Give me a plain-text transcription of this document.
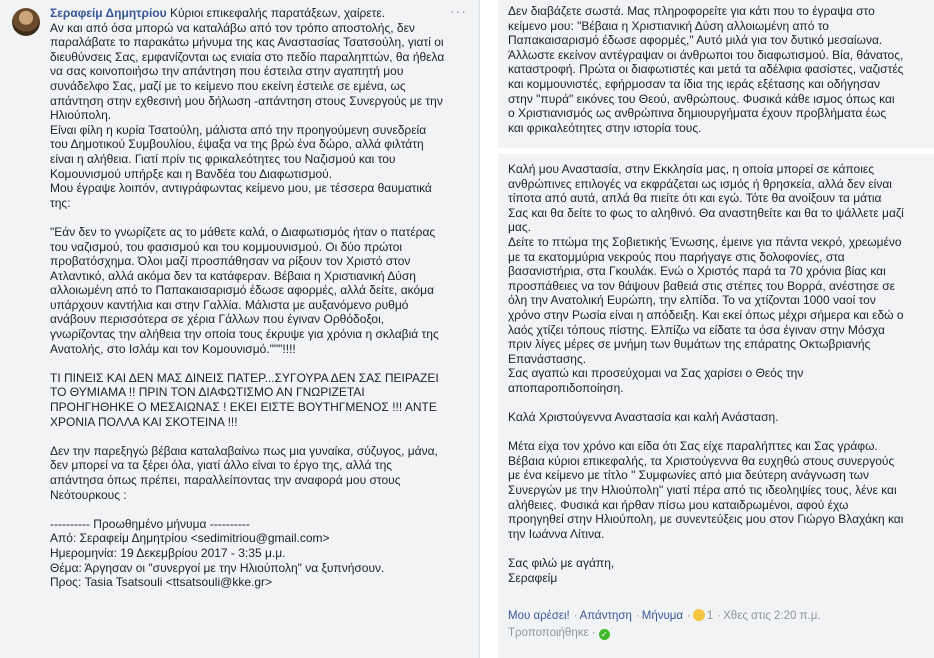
···
Σεραφείμ Δημητρίου Κύριοι επικεφαλής παρατάξεων, χαίρετε.
Αν και από όσα μπορώ να καταλάβω από τον τρόπο αποστολής, δεν
παραλάβατε το παρακάτω μήνυμα της κας Αναστασίας Τσατσούλη, γιατί οι
διευθύνσεις Σας, εμφανίζονται ως ενιαία στο πεδίο παραληπτών, θα ήθελα
να σας κοινοποιήσω την απάντηση που έστειλα στην αγαπητή μου
συνάδελφο Σας, μαζί με το κείμενο που εκείνη έστειλε σε εμένα, ως
απάντηση στην εχθεσινή μου δήλωση -απάντηση στους Συνεργούς με την
Ηλιούπολη.
Είναι φίλη η κυρία Τσατούλη, μάλιστα από την προηγούμενη συνεδρεία
του Δημοτικού Συμβουλίου, έψαξα να της βρώ ένα δώρο, αλλά φιλτάτη
είναι η αλήθεια. Γιατί πρίν τις φρικαλεότητες του Ναζισμού και του
Κομουνισμού υπήρξε και η Βανδέα του Διαφωτισμού.
Μου έγραψε λοιπόν, αντιγράφωντας κείμενο μου, με τέσσερα θαυματικά
της:

"Εάν δεν το γνωρίζετε ας το μάθετε καλά, ο Διαφωτισμός ήταν ο πατέρας
του ναζισμού, του φασισμού και του κομμουνισμού. Οι δύο πρώτοι
προβατόσχημα. Όλοι μαζί προσπάθησαν να ρίξουν τον Χριστό στον
Ατλαντικό, αλλά ακόμα δεν τα κατάφεραν. Βέβαια η Χριστιανική Δύση
αλλοιωμένη από το Παπακαισαρισμό έδωσε αφορμές, αλλά δείτε, ακόμα
υπάρχουν καντήλια και στην Γαλλία. Μάλιστα με αυξανόμενο ρυθμό
ανάβουν περισσότερα σε χέρια Γάλλων που έγιναν Ορθόδοξοι,
γνωρίζοντας την αλήθεια την οποία τους έκρυψε για χρόνια η σκλαβιά της
Ανατολής, στο Ισλάμ και τον Κομουνισμό."""!!!!

ΤΙ ΠΙΝΕΙΣ ΚΑΙ ΔΕΝ ΜΑΣ ΔΙΝΕΙΣ ΠΑΤΕΡ...ΣΥΓΟΥΡΑ ΔΕΝ ΣΑΣ ΠΕΙΡΑΖΕΙ
ΤΟ ΘΥΜΙΑΜΑ !! ΠΡΙΝ ΤΟΝ ΔΙΑΦΩΤΙΣΜΟ ΑΝ ΓΝΩΡΙΖΕΤΑΙ
ΠΡΟΗΓΗΘΗΚΕ Ο ΜΕΣΑΙΩΝΑΣ ! ΕΚΕΙ ΕΙΣΤΕ ΒΟΥΤΗΓΜΕΝΟΣ !!! ΑΝΤΕ
ΧΡΟΝΙΑ ΠΟΛΛΑ ΚΑΙ ΣΚΟΤΕΙΝΑ !!!

Δεν την παρεξηγώ βέβαια καταλαβαίνω πως μια γυναίκα, σύζυγος, μάνα,
δεν μπορεί να τα ξέρει όλα, γιατί άλλο είναι το έργο της, αλλά της
απάντησα όπως πρέπει, παραλλείποντας την αναφορά μου στους
Νεότουρκους :

---------- Προωθημένο μήνυμα ----------
Από: Σεραφείμ Δημητρίου <sedimitriou@gmail.com>
Ημερομηνία: 19 Δεκεμβρίου 2017 - 3:35 μ.μ.
Θέμα: Άργησαν οι "συνεργοί με την Ηλιούπολη" να ξυπνήσουν.
Προς: Tasia Tsatsouli <ttsatsouli@kke.gr>
Δεν διαβάζετε σωστά. Μας πληροφορείτε για κάτι που το έγραψα στο
κείμενο μου: "Βέβαια η Χριστιανική Δύση αλλοιωμένη από το
Παπακαισαρισμό έδωσε αφορμές," Αυτό μιλά για τον δυτικό μεσαίωνα.
Άλλωστε εκείνον αντέγραψαν οι άνθρωποι του διαφωτισμού. Βία, θάνατος,
καταστροφή. Πρώτα οι διαφωτιστές και μετά τα αδέλφια φασίστες, ναζιστές
και κομμουνιστές, εφήρμοσαν τα ίδια της ιεράς εξέτασης και οδήγησαν
στην "πυρά" εικόνες του Θεού, ανθρώπους. Φυσικά κάθε ισμος όπως και
ο Χριστιανισμός ως ανθρώπινα δημιουργήματα έχουν προβλήματα έως
και φρικαλεότητες στην ιστορία τους.
Καλή μου Αναστασία, στην Εκκλησία μας, η οποία μπορεί σε κάποιες
ανθρώπινες επιλογές να εκφράζεται ως ισμός ή θρησκεία, αλλά δεν είναι
τίποτα από αυτά, απλά θα πιείτε ότι και εγώ. Τότε θα ανοίξουν τα μάτια
Σας και θα δείτε το φως το αληθινό. Θα αναστηθείτε και θα το ψάλλετε μαζί
μας.
Δείτε το πτώμα της Σοβιετικής Ένωσης, έμεινε για πάντα νεκρό, χρεωμένο
με τα εκατομμύρια νεκρούς που παρήγαγε στις δολοφονίες, στα
βασανιστήρια, στα Γκουλάκ. Ενώ ο Χριστός παρά τα 70 χρόνια βίας και
προσπάθειες να τον θάψουν βαθειά στις στέπες του Βορρά, ανέστησε σε
όλη την Ανατολική Ευρώπη, την ελπίδα. Το να χτίζονται 1000 ναοί τον
χρόνο στην Ρωσία είναι η απόδειξη. Και εκεί όπως μέχρι σήμερα και εδώ ο
λαός χτίζει τόπους πίστης. Ελπίζω να είδατε τα όσα έγιναν στην Μόσχα
πριν λίγες μέρες σε μνήμη των θυμάτων της επάρατης Οκτωβριανής
Επανάστασης.
Σας αγαπώ και προσεύχομαι να Σας χαρίσει ο Θεός την
αποπαροπιδοποίηση.

Καλά Χριστούγεννα Αναστασία και καλή Ανάσταση.

Μέτα είχα τον χρόνο και είδα ότι Σας είχε παραλήπτες και Σας γράφω.
Βέβαια κύριοι επικεφαλής, τα Χριστούγεννα θα ευχηθώ στους συνεργούς
με ένα κείμενο με τίτλο " Συμφωνίες από μια δεύτερη ανάγνωση των
Συνεργών με την Ηλιούπολη" γιατί πέρα από τις ιδεοληψίες τους, λένε και
αλήθειες. Φυσικά και ήρθαν πίσω μου καταιδρωμένοι, αφού έχω
προηγηθεί στην Ηλιούπολη, με συνεντεύξεις μου στον Γιώργο Βλαχάκη και
την Ιωάννα Λίτινα.

Σας φιλώ με αγάπη,
Σεραφείμ
Μου αρέσει! · Απάντηση · Μήνυμα · 1 · Χθες στις 2:20 π.μ.
Τροποποιήθηκε · ✓
